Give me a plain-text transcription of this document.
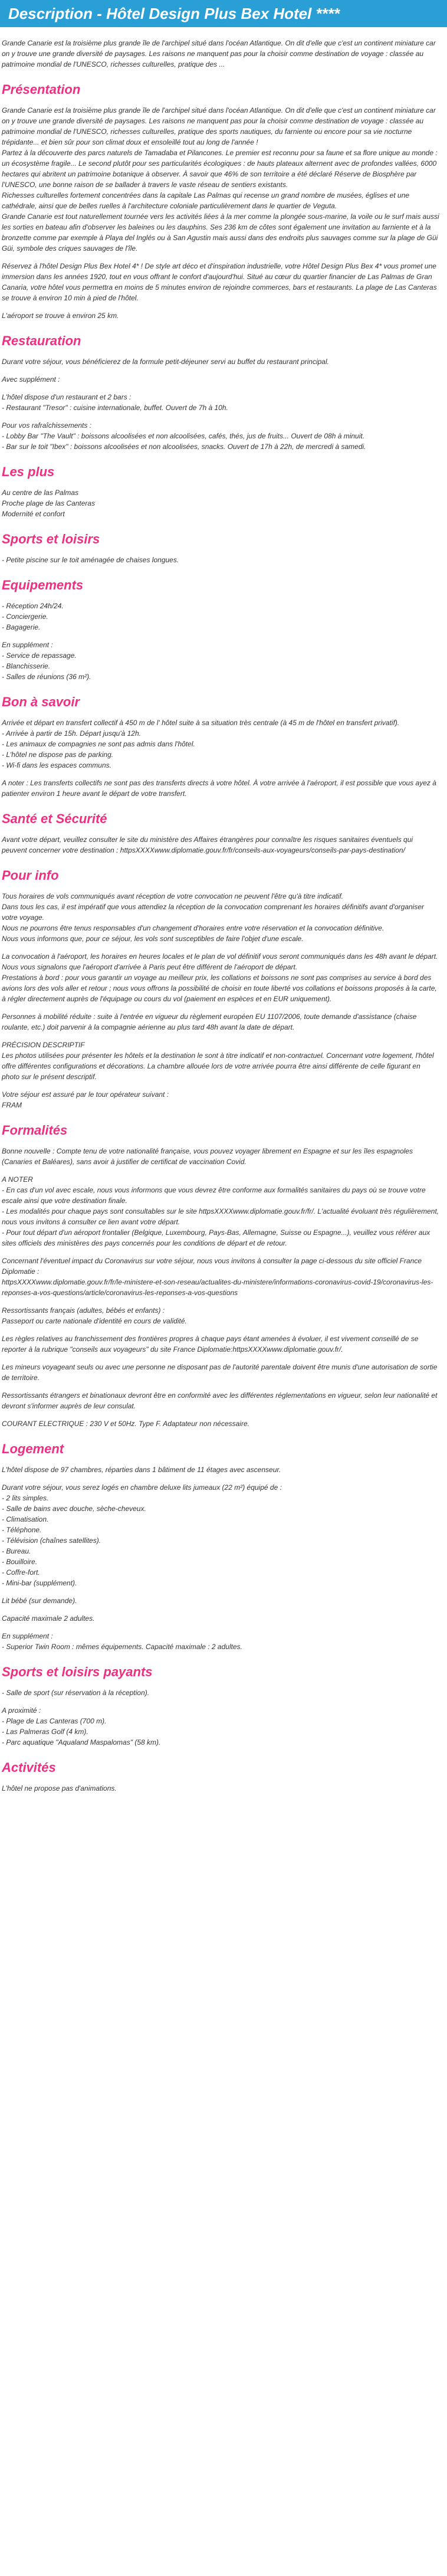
Description - Hôtel Design Plus Bex Hotel ****

Grande Canarie est la troisième plus grande île de l'archipel situé dans l'océan Atlantique. On dit d'elle que c'est un continent miniature car on y trouve une grande diversité de paysages. Les raisons ne manquent pas pour la choisir comme destination de voyage : classée au patrimoine mondial de l'UNESCO, richesses culturelles, pratique des ...

Présentation

Grande Canarie est la troisième plus grande île de l'archipel situé dans l'océan Atlantique. On dit d'elle que c'est un continent miniature car on y trouve une grande diversité de paysages. Les raisons ne manquent pas pour la choisir comme destination de voyage : classée au patrimoine mondial de l'UNESCO, richesses culturelles, pratique des sports nautiques, du farniente ou encore pour sa vie nocturne trépidante... et bien sûr pour son climat doux et ensoleillé tout au long de l'année !
Partez à la découverte des parcs naturels de Tamadaba et Pilancones. Le premier est reconnu pour sa faune et sa flore unique au monde : un écosystème fragile... Le second plutôt pour ses particularités écologiques : de hauts plateaux alternent avec de profondes vallées, 6000 hectares qui abritent un patrimoine botanique à observer. À savoir que 46% de son territoire a été déclaré Réserve de Biosphère par l'UNESCO, une bonne raison de se ballader à travers le vaste réseau de sentiers existants.
Richesses culturelles fortement concentrées dans la capitale Las Palmas qui recense un grand nombre de musées, églises et une cathédrale, ainsi que de belles ruelles à l'architecture coloniale particulièrement dans le quartier de Veguta.
Grande Canarie est tout naturellement tournée vers les activités liées à la mer comme la plongée sous-marine, la voile ou le surf mais aussi les sorties en bateau afin d'observer les baleines ou les dauphins. Ses 236 km de côtes sont également une invitation au farniente et à la bronzette comme par exemple à Playa del Inglés ou à San Agustin mais aussi dans des endroits plus sauvages comme sur la plage de Güi Güi, symbole des criques sauvages de l'île.

Réservez à l'hôtel Design Plus Bex Hotel 4* ! De style art déco et d'inspiration industrielle, votre Hôtel Design Plus Bex 4* vous promet une immersion dans les années 1920, tout en vous offrant le confort d'aujourd'hui. Situé au cœur du quartier financier de Las Palmas de Gran Canaria, votre hôtel vous permettra en moins de 5 minutes environ de rejoindre commerces, bars et restaurants. La plage de Las Canteras se trouve à environ 10 min à pied de l'hôtel.

L'aéroport se trouve à environ 25 km.

Restauration

Durant votre séjour, vous bénéficierez de la formule petit-déjeuner servi au buffet du restaurant principal.

Avec supplément :

L'hôtel dispose d'un restaurant et 2 bars :
- Restaurant "Tresor" : cuisine internationale, buffet. Ouvert de 7h à 10h.

Pour vos rafraîchissements :
- Lobby Bar "The Vault" : boissons alcoolisées et non alcoolisées, cafés, thés, jus de fruits... Ouvert de 08h à minuit.
- Bar sur le toit "Ibex" : boissons alcoolisées et non alcoolisées, snacks. Ouvert de 17h à 22h, de mercredi à samedi.

Les plus

Au centre de las Palmas
Proche plage de las Canteras
Modernité et confort

Sports et loisirs

- Petite piscine sur le toit aménagée de chaises longues.

Equipements

- Réception 24h/24.
- Conciergerie.
- Bagagerie.

En supplément :
- Service de repassage.
- Blanchisserie.
- Salles de réunions (36 m²).

Bon à savoir

Arrivée et départ en transfert collectif à 450 m de l' hôtel suite à sa situation très centrale (à 45 m de l'hôtel en transfert privatif).
- Arrivée à partir de 15h. Départ jusqu'à 12h.
- Les animaux de compagnies ne sont pas admis dans l'hôtel.
- L'hôtel ne dispose pas de parking.
- Wi-fi dans les espaces communs.

A noter : Les transferts collectifs ne sont pas des transferts directs à votre hôtel. À votre arrivée à l'aéroport, il est possible que vous ayez à patienter environ 1 heure avant le départ de votre transfert.

Santé et Sécurité

Avant votre départ, veuillez consulter le site du ministère des Affaires étrangères pour connaître les risques sanitaires éventuels qui peuvent concerner votre destination : httpsXXXXwww.diplomatie.gouv.fr/fr/conseils-aux-voyageurs/conseils-par-pays-destination/

Pour info

Tous horaires de vols communiqués avant réception de votre convocation ne peuvent l'être qu'à titre indicatif.
Dans tous les cas, il est impératif que vous attendiez la réception de la convocation comprenant les horaires définitifs avant d'organiser votre voyage.
Nous ne pourrons être tenus responsables d'un changement d'horaires entre votre réservation et la convocation définitive.
Nous vous informons que, pour ce séjour, les vols sont susceptibles de faire l'objet d'une escale.

La convocation à l'aéroport, les horaires en heures locales et le plan de vol définitif vous seront communiqués dans les 48h avant le départ.
Nous vous signalons que l'aéroport d'arrivée à Paris peut être différent de l'aéroport de départ.
Prestations à bord : pour vous garantir un voyage au meilleur prix, les collations et boissons ne sont pas comprises au service à bord des avions lors des vols aller et retour ; nous vous offrons la possibilité de choisir en toute liberté vos collations et boissons proposés à la carte, à régler directement auprès de l'équipage ou cours du vol (paiement en espèces et en EUR uniquement).

Personnes à mobilité réduite : suite à l'entrée en vigueur du règlement européen EU 1107/2006, toute demande d'assistance (chaise roulante, etc.) doit parvenir à la compagnie aérienne au plus tard 48h avant la date de départ.

PRÉCISION DESCRIPTIF
Les photos utilisées pour présenter les hôtels et la destination le sont à titre indicatif et non-contractuel. Concernant votre logement, l'hôtel offre différentes configurations et décorations. La chambre allouée lors de votre arrivée pourra être ainsi différente de celle figurant en photo sur le présent descriptif.

Votre séjour est assuré par le tour opérateur suivant :
FRAM

Formalités

Bonne nouvelle : Compte tenu de votre nationalité française, vous pouvez voyager librement en Espagne et sur les îles espagnoles (Canaries et Baléares), sans avoir à justifier de certificat de vaccination Covid.

A NOTER
- En cas d'un vol avec escale, nous vous informons que vous devrez être conforme aux formalités sanitaires du pays où se trouve votre escale ainsi que votre destination finale.
- Les modalités pour chaque pays sont consultables sur le site httpsXXXXwww.diplomatie.gouv.fr/fr/. L'actualité évoluant très régulièrement, nous vous invitons à consulter ce lien avant votre départ.
- Pour tout départ d'un aéroport frontalier (Belgique, Luxembourg, Pays-Bas, Allemagne, Suisse ou Espagne...), veuillez vous référer aux sites officiels des ministères des pays concernés pour les conditions de départ et de retour.

Concernant l'éventuel impact du Coronavirus sur votre séjour, nous vous invitons à consulter la page ci-dessous du site officiel France Diplomatie :
httpsXXXXwww.diplomatie.gouv.fr/fr/le-ministere-et-son-reseau/actualites-du-ministere/informations-coronavirus-covid-19/coronavirus-les-reponses-a-vos-questions/article/coronavirus-les-reponses-a-vos-questions

Ressortissants français (adultes, bébés et enfants) :
Passeport ou carte nationale d'identité en cours de validité.

Les règles relatives au franchissement des frontières propres à chaque pays étant amenées à évoluer, il est vivement conseillé de se reporter à la rubrique "conseils aux voyageurs" du site France Diplomatie:httpsXXXXwww.diplomatie.gouv.fr/.

Les mineurs voyageant seuls ou avec une personne ne disposant pas de l'autorité parentale doivent être munis d'une autorisation de sortie de territoire.

Ressortissants étrangers et binationaux devront être en conformité avec les différentes réglementations en vigueur, selon leur nationalité et devront s'informer auprès de leur consulat.

COURANT ELECTRIQUE : 230 V et 50Hz. Type F. Adaptateur non nécessaire.

Logement

L'hôtel dispose de 97 chambres, réparties dans 1 bâtiment de 11 étages avec ascenseur.

Durant votre séjour, vous serez logés en chambre deluxe lits jumeaux (22 m²) équipé de :
- 2 lits simples.
- Salle de bains avec douche, sèche-cheveux.
- Climatisation.
- Téléphone.
- Télévision (chaînes satellites).
- Bureau.
- Bouilloire.
- Coffre-fort.
- Mini-bar (supplément).

Lit bébé (sur demande).

Capacité maximale 2 adultes.

En supplément :
- Superior Twin Room : mêmes équipements. Capacité maximale : 2 adultes.

Sports et loisirs payants

- Salle de sport (sur réservation à la réception).

A proximité :
- Plage de Las Canteras (700 m).
- Las Palmeras Golf (4 km).
- Parc aquatique "Aqualand Maspalomas" (58 km).

Activités

L'hôtel ne propose pas d'animations.
